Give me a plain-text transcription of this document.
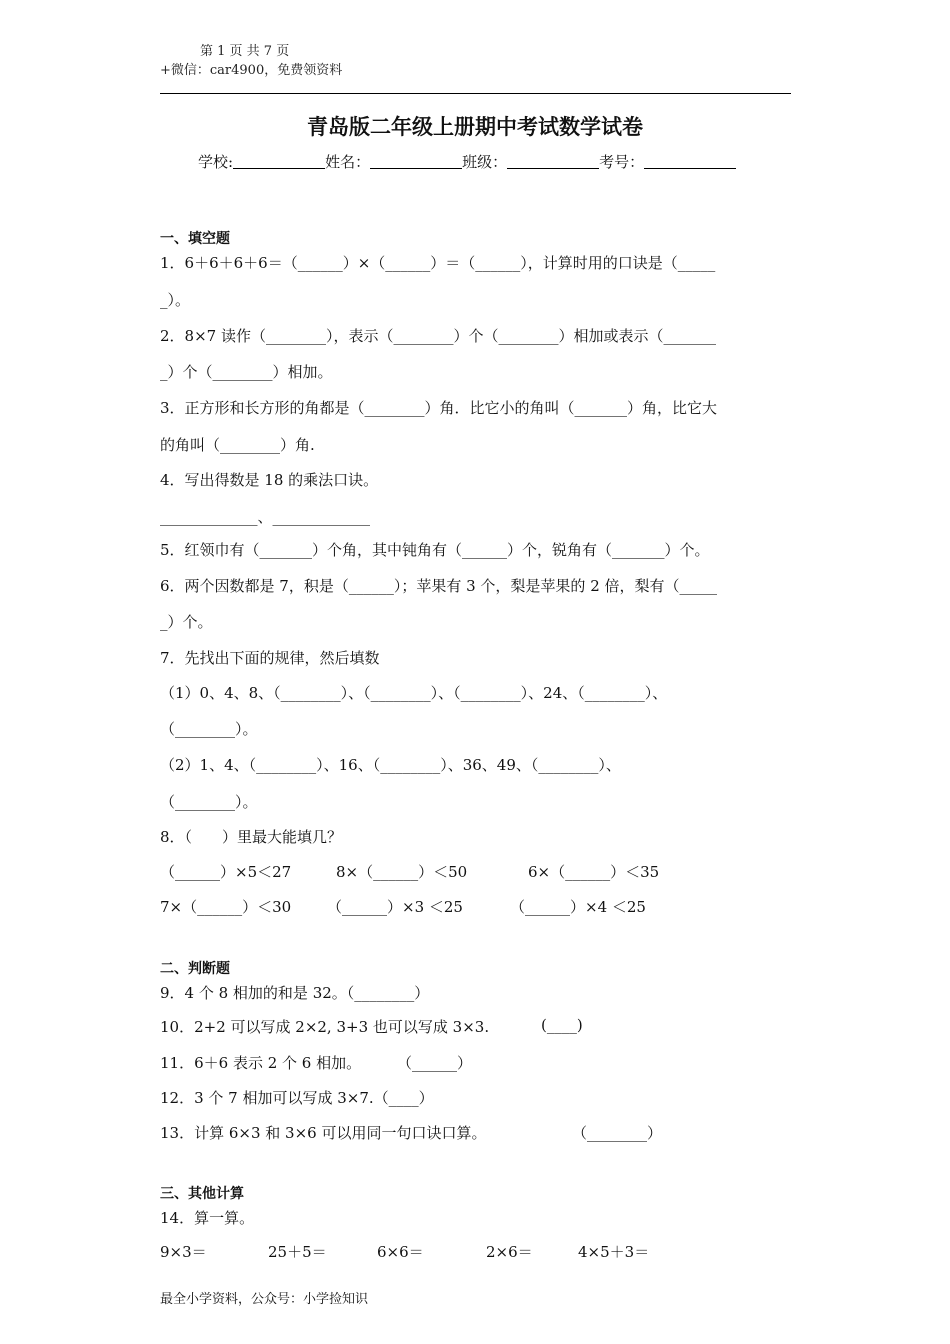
第 1 页 共 7 页
+微信：car4900，免费领资料
青岛版二年级上册期中考试数学试卷
学校:	姓名：	班级：	考号：
一、填空题
1．6＋6＋6＋6＝（______）×（______）＝（______），计算时用的口诀是（_____
_）。
2．8×7 读作（________），表示（________）个（________）相加或表示（_______
_）个（________）相加。
3．正方形和长方形的角都是（________）角．比它小的角叫（_______）角，比它大
的角叫（________）角.
4．写出得数是 18 的乘法口诀。
_____________、_____________
5．红领巾有（_______）个角，其中钝角有（______）个，锐角有（_______）个。
6．两个因数都是 7，积是（______）；苹果有 3 个，梨是苹果的 2 倍，梨有（_____
_）个。
7．先找出下面的规律，然后填数
（1）0、4、8、（________）、（________）、（________）、24、（________）、
（________）。
（2）1、4、（________）、16、（________）、36、49、（________）、
（________）。
8．（　　）里最大能填几？
（______）×5＜27	8×（______）＜50	6×（______）＜35
7×（______）＜30 （______）×3 ＜25	（______）×4 ＜25
二、判断题
9．4 个 8 相加的和是 32。（________）
10．2+2 可以写成 2×2, 3+3 也可以写成 3×3.	(____)
11．6＋6 表示 2 个 6 相加。 （______）
12．3 个 7 相加可以写成 3×7.（____）
13．计算 6×3 和 3×6 可以用同一句口诀口算。	（________）
三、其他计算
14．算一算。
9×3＝	25＋5＝	6×6＝	2×6＝	4×5＋3＝
最全小学资料，公众号：小学捡知识
